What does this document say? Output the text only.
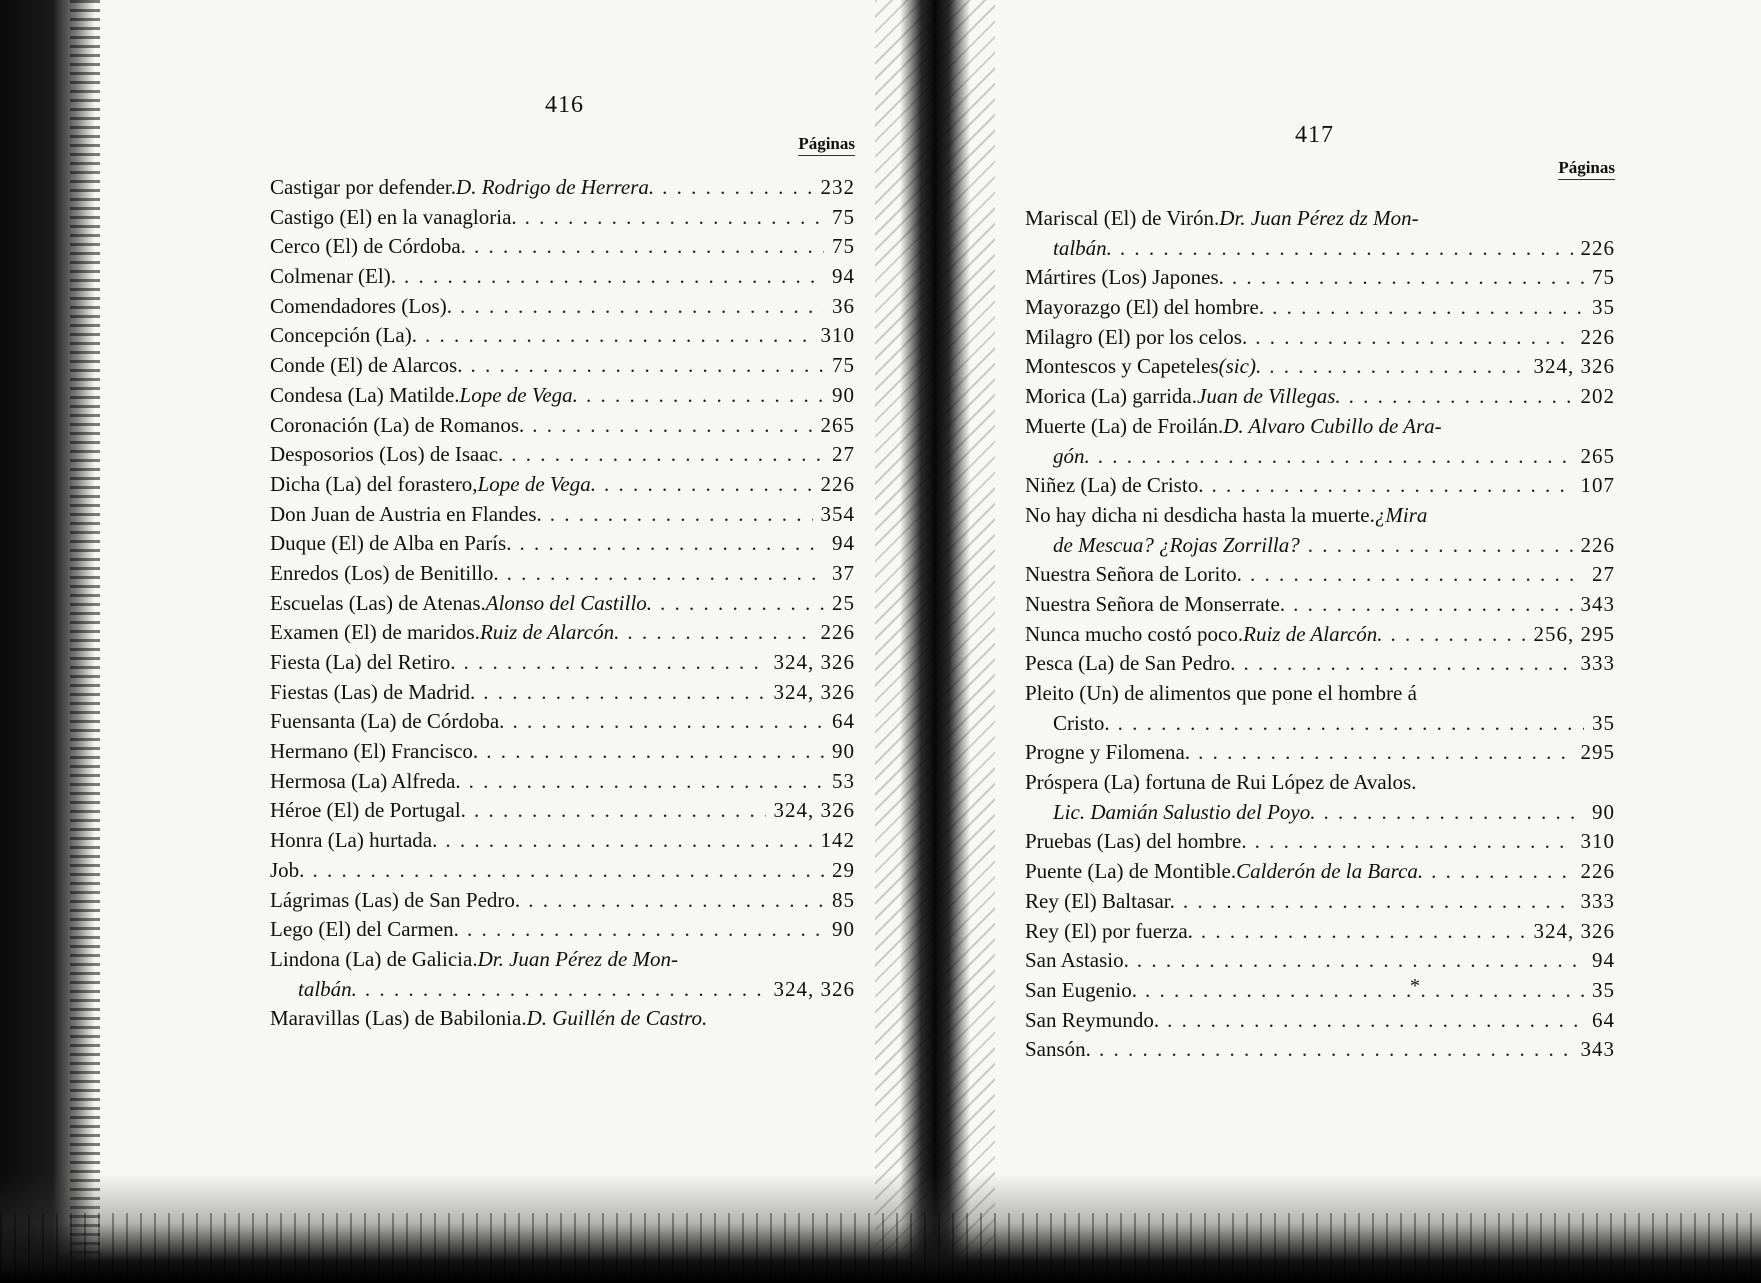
416
Páginas
Castigar por defender. D. Rodrigo de Herrera. . . .	232
Castigo (El) en la vanagloria. . . .	75
Cerco (El) de Córdoba. . . .	75
Colmenar (El). . . .	94
Comendadores (Los). . . .	36
Concepción (La). . . .	310
Conde (El) de Alarcos. . . .	75
Condesa (La) Matilde. Lope de Vega. . . .	90
Coronación (La) de Romanos. . . .	265
Desposorios (Los) de Isaac. . . .	27
Dicha (La) del forastero, Lope de Vega. . . .	226
Don Juan de Austria en Flandes. . . .	354
Duque (El) de Alba en París. . . .	94
Enredos (Los) de Benitillo. . . .	37
Escuelas (Las) de Atenas. Alonso del Castillo. . . .	25
Examen (El) de maridos. Ruiz de Alarcón. . . .	226
Fiesta (La) del Retiro. . . .	324, 326
Fiestas (Las) de Madrid. . . .	324, 326
Fuensanta (La) de Córdoba. . . .	64
Hermano (El) Francisco. . . .	90
Hermosa (La) Alfreda. . . .	53
Héroe (El) de Portugal. . . .	324, 326
Honra (La) hurtada. . . .	142
Job. . . .	29
Lágrimas (Las) de San Pedro. . . .	85
Lego (El) del Carmen. . . .	90
Lindona (La) de Galicia. Dr. Juan Pérez de Mon-
talbán. . . .	324, 326
Maravillas (Las) de Babilonia. D. Guillén de Castro.
417
Páginas
Mariscal (El) de Virón. Dr. Juan Pérez dz Mon-
talbán. . . .	226
Mártires (Los) Japones. . . .	75
Mayorazgo (El) del hombre. . . .	35
Milagro (El) por los celos. . . .	226
Montescos y Capeteles (sic). . . .	324, 326
Morica (La) garrida. Juan de Villegas. . . .	202
Muerte (La) de Froilán. D. Alvaro Cubillo de Ara-
gón. . . .	265
Niñez (La) de Cristo. . . .	107
No hay dicha ni desdicha hasta la muerte. ¿Mira
de Mescua? ¿Rojas Zorrilla? . . .	226
Nuestra Señora de Lorito. . . .	27
Nuestra Señora de Monserrate. . . .	343
Nunca mucho costó poco. Ruiz de Alarcón. . . .	256, 295
Pesca (La) de San Pedro. . . .	333
Pleito (Un) de alimentos que pone el hombre á
Cristo. . . .	35
Progne y Filomena. . . .	295
Próspera (La) fortuna de Rui López de Avalos.
Lic. Damián Salustio del Poyo. . . .	90
Pruebas (Las) del hombre. . . .	310
Puente (La) de Montible. Calderón de la Barca. . . .	226
Rey (El) Baltasar. . . .	333
Rey (El) por fuerza. . . .	324, 326
San Astasio. . . .	94
San Eugenio. . . .	35
San Reymundo. . . .	64
Sansón. . . .	343
*
